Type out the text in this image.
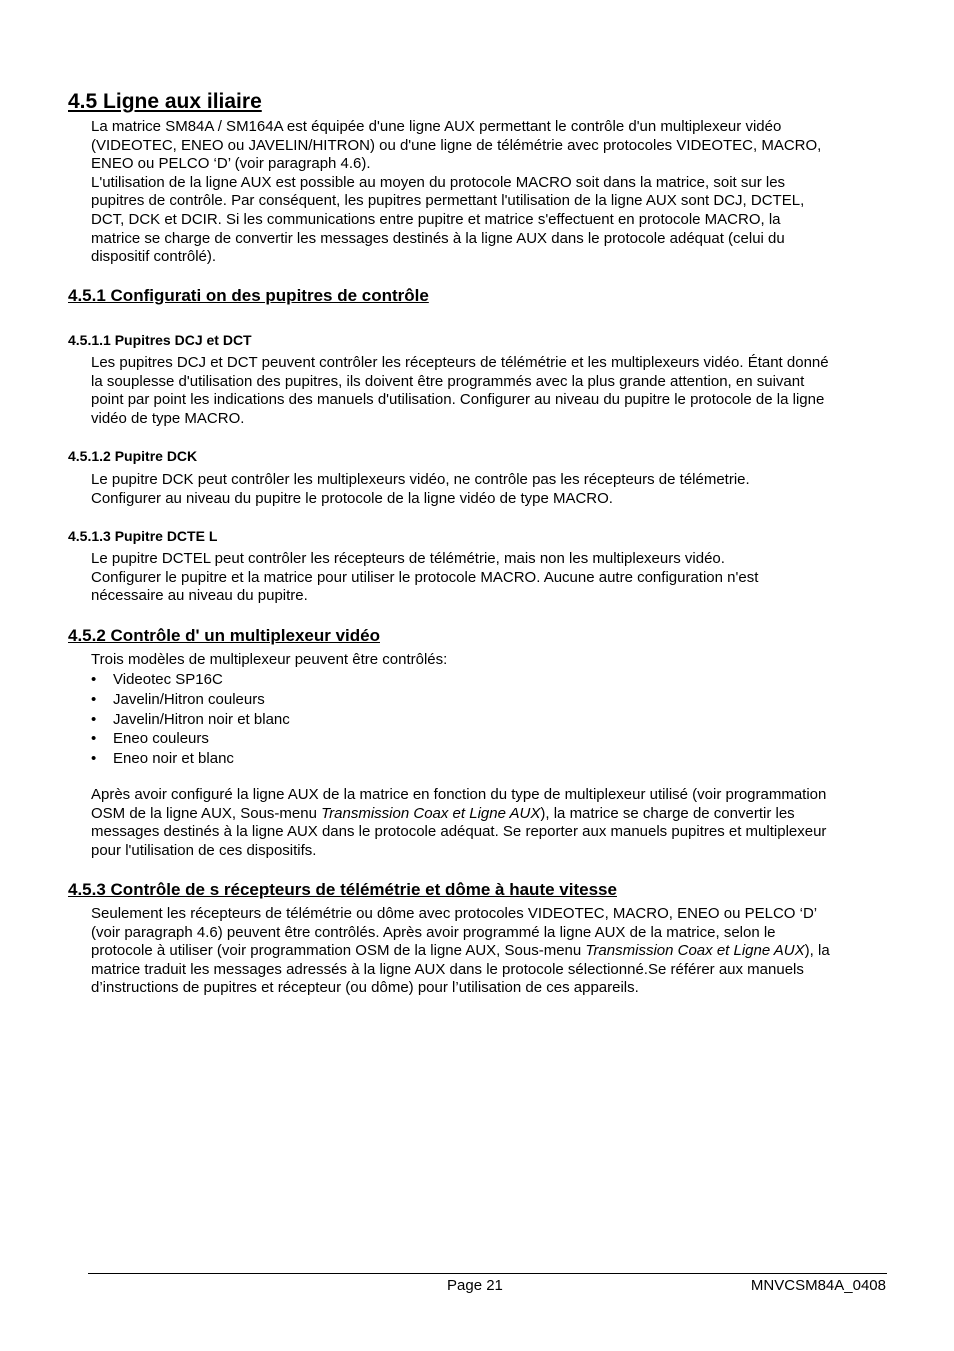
4.5 Ligne aux iliaire

La matrice SM84A / SM164A est équipée d'une ligne AUX permettant le contrôle d'un multiplexeur vidéo
(VIDEOTEC, ENEO ou JAVELIN/HITRON) ou d'une ligne de télémétrie avec protocoles VIDEOTEC, MACRO,
ENEO ou PELCO ‘D’ (voir paragraph 4.6).
L'utilisation de la ligne AUX est possible au moyen du protocole MACRO soit dans la matrice, soit sur les
pupitres de contrôle. Par conséquent, les pupitres permettant l'utilisation de la ligne AUX sont DCJ, DCTEL,
DCT, DCK et DCIR. Si les communications entre pupitre et matrice s'effectuent en protocole MACRO, la
matrice se charge de convertir les messages destinés à la ligne AUX dans le protocole adéquat (celui du
dispositif contrôlé).

4.5.1 Configurati on des pupitres de contrôle
4.5.1.1 Pupitres DCJ et DCT

Les pupitres DCJ et DCT peuvent contrôler les récepteurs de télémétrie et les multiplexeurs vidéo. Étant donné
la souplesse d'utilisation des pupitres, ils doivent être programmés avec la plus grande attention, en suivant
point par point les indications des manuels d'utilisation. Configurer au niveau du pupitre le protocole de la ligne
vidéo de type MACRO.

4.5.1.2 Pupitre DCK

Le pupitre DCK peut contrôler les multiplexeurs vidéo, ne contrôle pas les récepteurs de télémetrie.
Configurer au niveau du pupitre le protocole de la ligne vidéo de type MACRO.

4.5.1.3 Pupitre DCTE L

Le pupitre DCTEL peut contrôler les récepteurs de télémétrie, mais non les multiplexeurs vidéo.
Configurer le pupitre et la matrice pour utiliser le protocole MACRO. Aucune autre configuration n'est
nécessaire au niveau du pupitre.

4.5.2 Contrôle d' un multiplexeur vidéo

Trois modèles de multiplexeur peuvent être contrôlés:

• Videotec SP16C
• Javelin/Hitron couleurs
• Javelin/Hitron noir et blanc
• Eneo couleurs
• Eneo noir et blanc

Après avoir configuré la ligne AUX de la matrice en fonction du type de multiplexeur utilisé (voir programmation
OSM de la ligne AUX, Sous-menu Transmission Coax et Ligne AUX), la matrice se charge de convertir les
messages destinés à la ligne AUX dans le protocole adéquat. Se reporter aux manuels pupitres et multiplexeur
pour l'utilisation de ces dispositifs.

4.5.3 Contrôle de s récepteurs de télémétrie et dôme à haute vitesse

Seulement les récepteurs de télémétrie ou dôme avec protocoles VIDEOTEC, MACRO, ENEO ou PELCO ‘D’
(voir paragraph 4.6) peuvent être contrôlés. Après avoir programmé la ligne AUX de la matrice, selon le
protocole à utiliser (voir programmation OSM de la ligne AUX, Sous-menu Transmission Coax et Ligne AUX), la
matrice traduit les messages adressés à la ligne AUX dans le protocole sélectionné.Se référer aux manuels
d’instructions de pupitres et récepteur (ou dôme) pour l’utilisation de ces appareils.

Page 21	MNVCSM84A_0408
